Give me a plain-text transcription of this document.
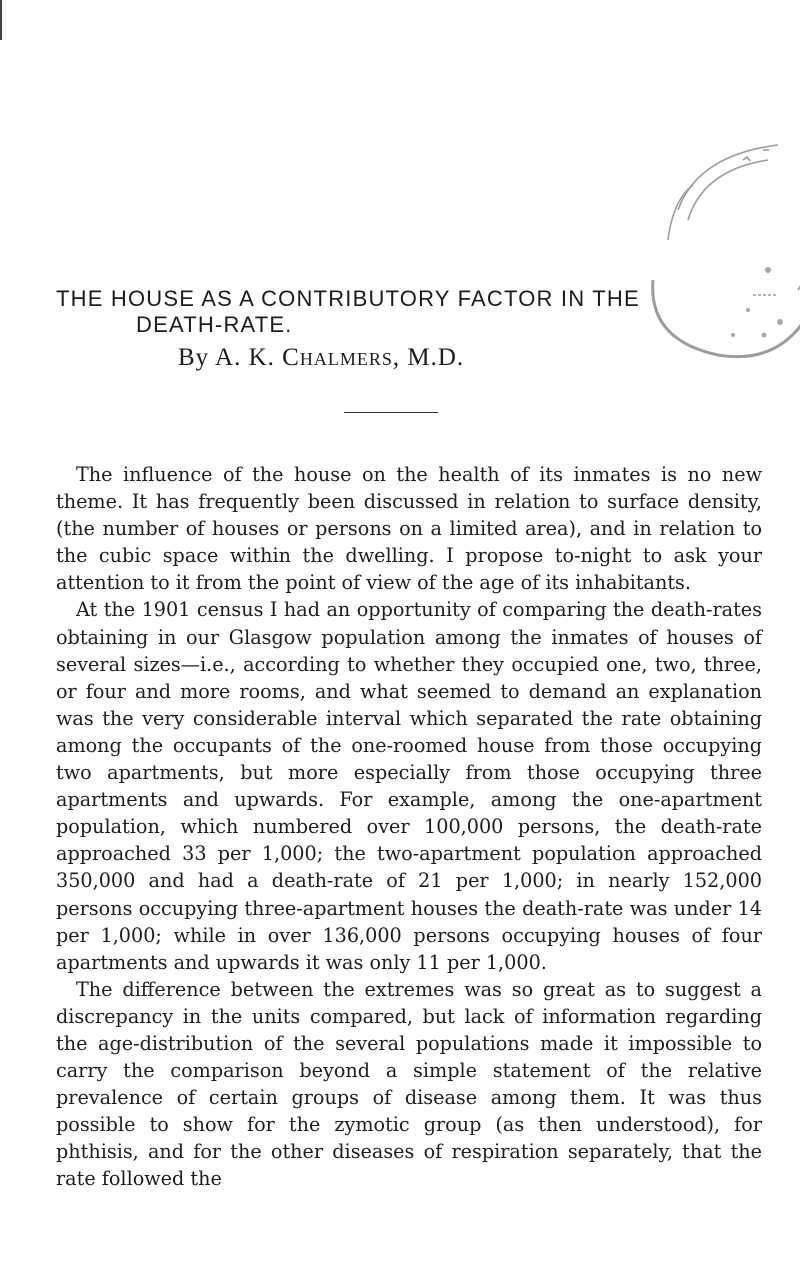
THE HOUSE AS A CONTRIBUTORY FACTOR IN THE
DEATH-RATE.
By A. K. Chalmers, M.D.

The influence of the house on the health of its inmates is no new theme. It has frequently been discussed in relation to surface density, (the number of houses or persons on a limited area), and in relation to the cubic space within the dwelling. I propose to-night to ask your attention to it from the point of view of the age of its inhabitants.

At the 1901 census I had an opportunity of comparing the death-rates obtaining in our Glasgow population among the inmates of houses of several sizes—i.e., according to whether they occupied one, two, three, or four and more rooms, and what seemed to demand an explanation was the very considerable interval which separated the rate obtaining among the occupants of the one-roomed house from those occupying two apartments, but more especially from those occupying three apartments and upwards. For example, among the one-apartment population, which numbered over 100,000 persons, the death-rate approached 33 per 1,000; the two-apartment population approached 350,000 and had a death-rate of 21 per 1,000; in nearly 152,000 persons occupying three-apartment houses the death-rate was under 14 per 1,000; while in over 136,000 persons occupying houses of four apartments and upwards it was only 11 per 1,000.

The difference between the extremes was so great as to suggest a discrepancy in the units compared, but lack of information regarding the age-distribution of the several populations made it impossible to carry the comparison beyond a simple statement of the relative prevalence of certain groups of disease among them. It was thus possible to show for the zymotic group (as then understood), for phthisis, and for the other diseases of respiration separately, that the rate followed the
